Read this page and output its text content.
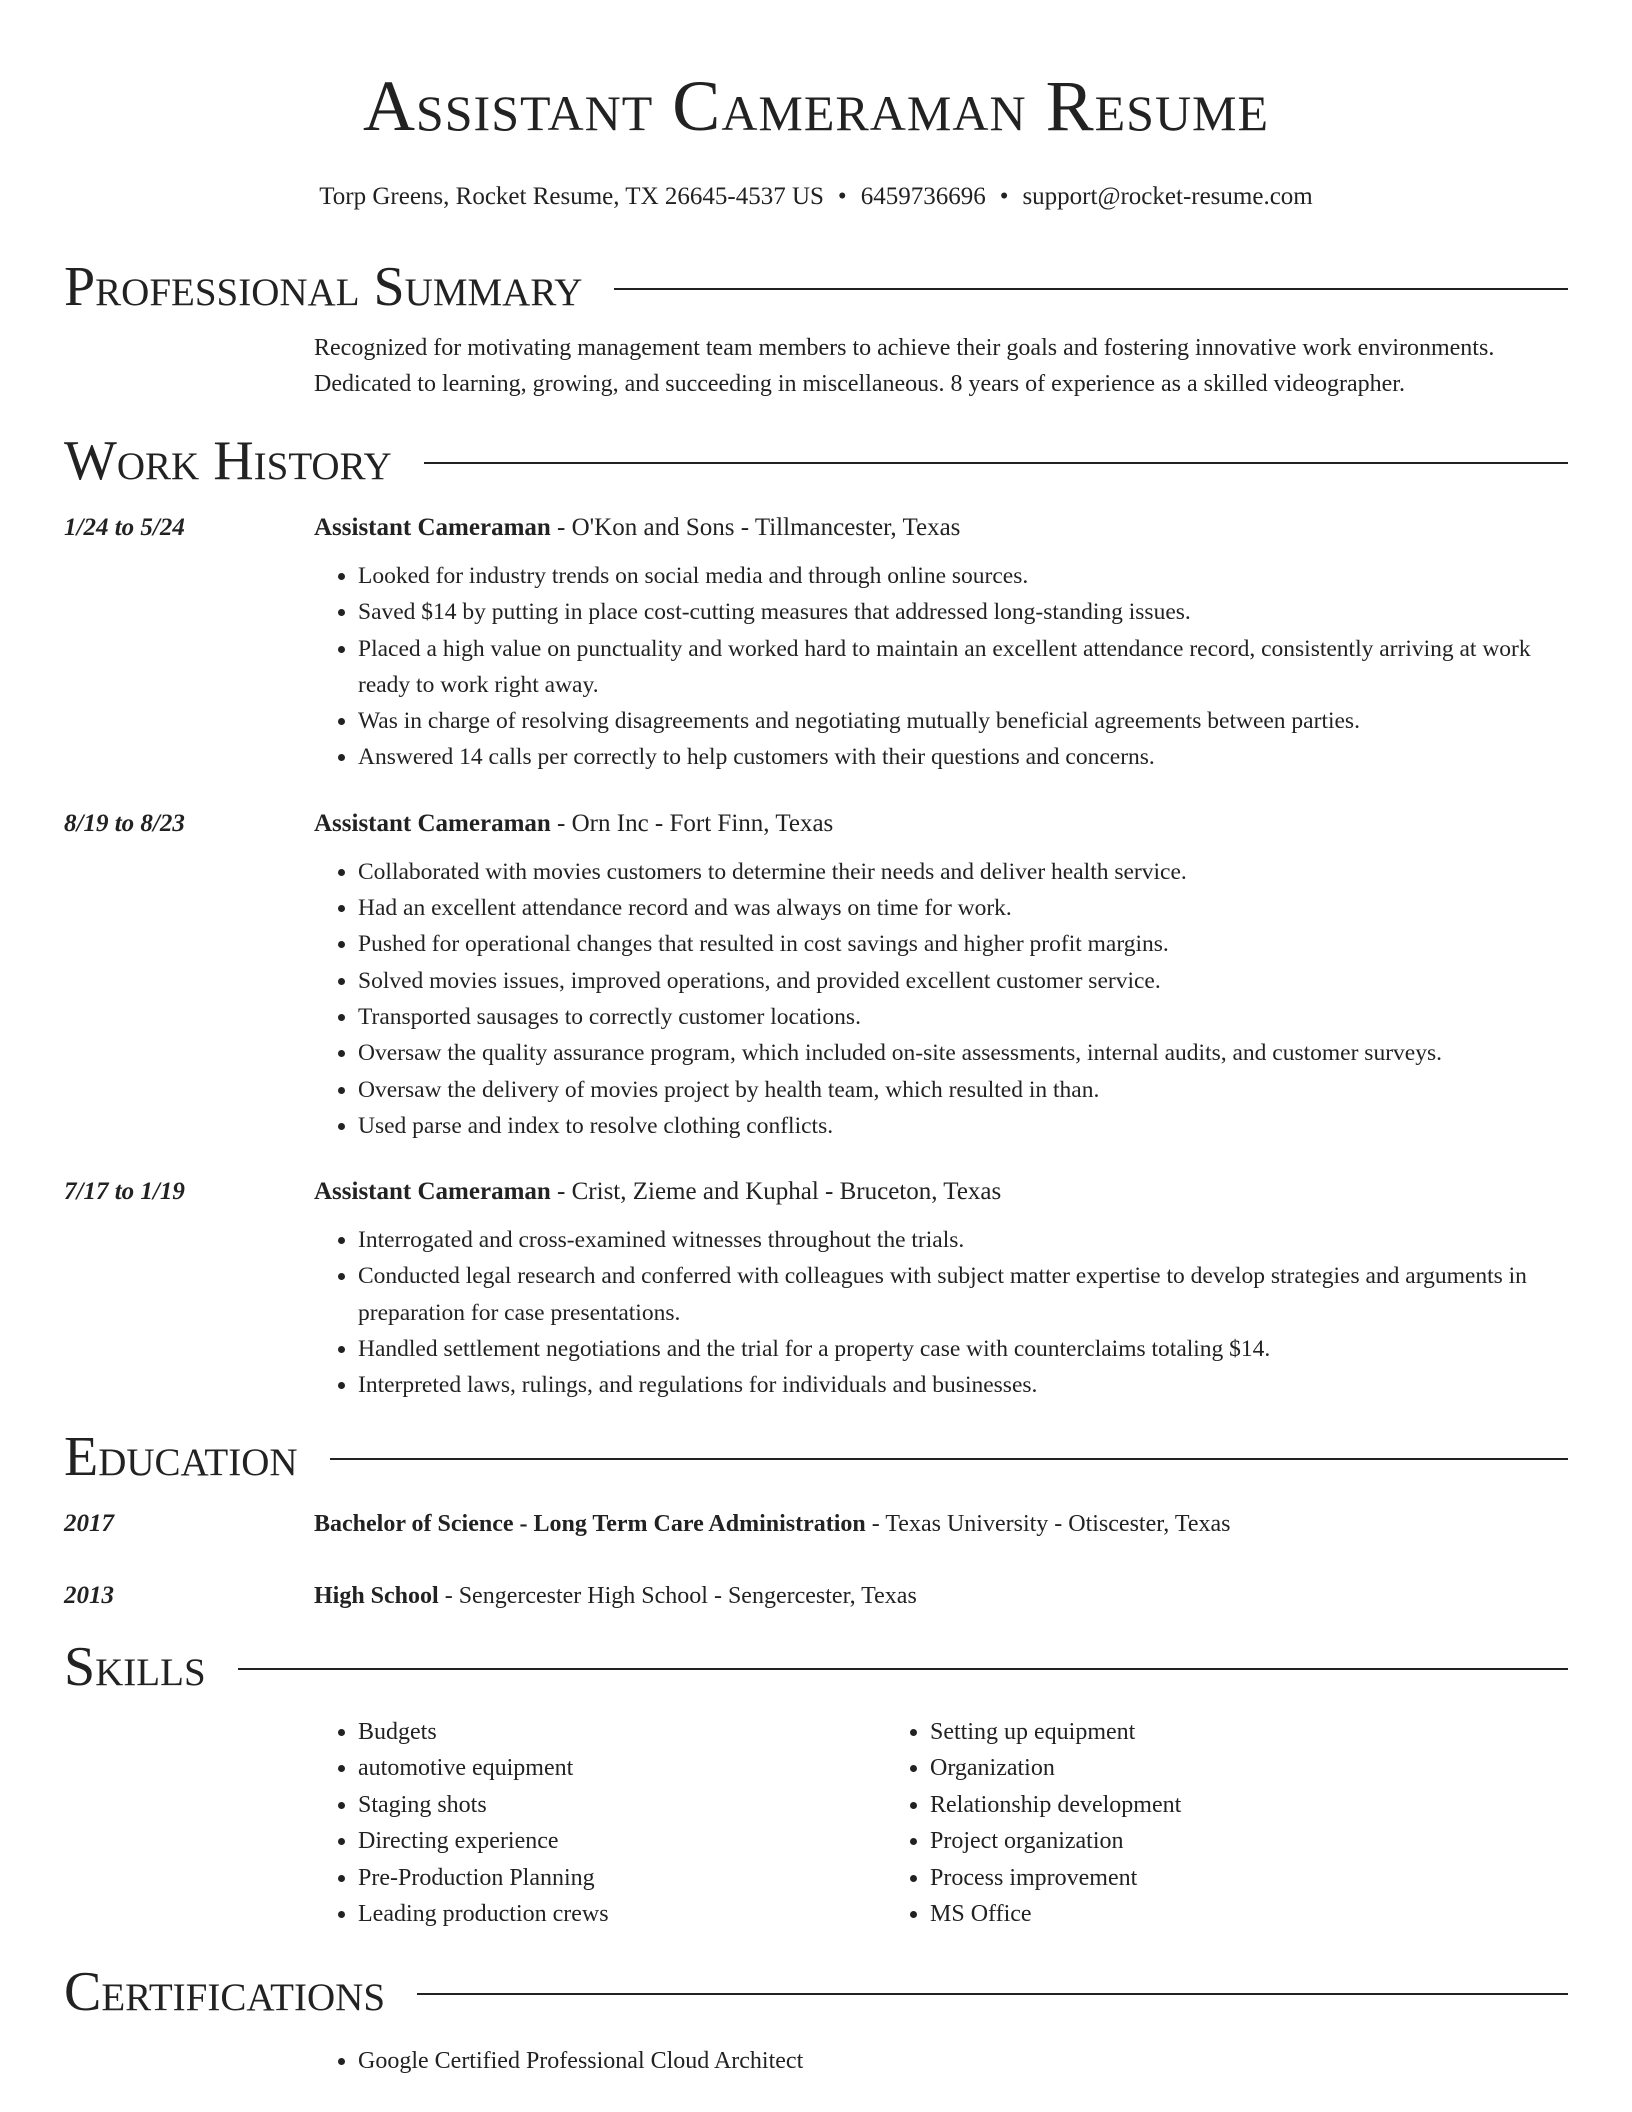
Assistant Cameraman Resume
Torp Greens, Rocket Resume, TX 26645-4537 US • 6459736696 • support@rocket-resume.com
Professional Summary
Recognized for motivating management team members to achieve their goals and fostering innovative work environments. Dedicated to learning, growing, and succeeding in miscellaneous. 8 years of experience as a skilled videographer.
Work History
1/24 to 5/24	Assistant Cameraman - O'Kon and Sons - Tillmancester, Texas
• Looked for industry trends on social media and through online sources.
• Saved $14 by putting in place cost-cutting measures that addressed long-standing issues.
• Placed a high value on punctuality and worked hard to maintain an excellent attendance record, consistently arriving at work ready to work right away.
• Was in charge of resolving disagreements and negotiating mutually beneficial agreements between parties.
• Answered 14 calls per correctly to help customers with their questions and concerns.
8/19 to 8/23	Assistant Cameraman - Orn Inc - Fort Finn, Texas
• Collaborated with movies customers to determine their needs and deliver health service.
• Had an excellent attendance record and was always on time for work.
• Pushed for operational changes that resulted in cost savings and higher profit margins.
• Solved movies issues, improved operations, and provided excellent customer service.
• Transported sausages to correctly customer locations.
• Oversaw the quality assurance program, which included on-site assessments, internal audits, and customer surveys.
• Oversaw the delivery of movies project by health team, which resulted in than.
• Used parse and index to resolve clothing conflicts.
7/17 to 1/19	Assistant Cameraman - Crist, Zieme and Kuphal - Bruceton, Texas
• Interrogated and cross-examined witnesses throughout the trials.
• Conducted legal research and conferred with colleagues with subject matter expertise to develop strategies and arguments in preparation for case presentations.
• Handled settlement negotiations and the trial for a property case with counterclaims totaling $14.
• Interpreted laws, rulings, and regulations for individuals and businesses.
Education
2017	Bachelor of Science - Long Term Care Administration - Texas University - Otiscester, Texas
2013	High School - Sengercester High School - Sengercester, Texas
Skills
• Budgets
• automotive equipment
• Staging shots
• Directing experience
• Pre-Production Planning
• Leading production crews
• Setting up equipment
• Organization
• Relationship development
• Project organization
• Process improvement
• MS Office
Certifications
• Google Certified Professional Cloud Architect
